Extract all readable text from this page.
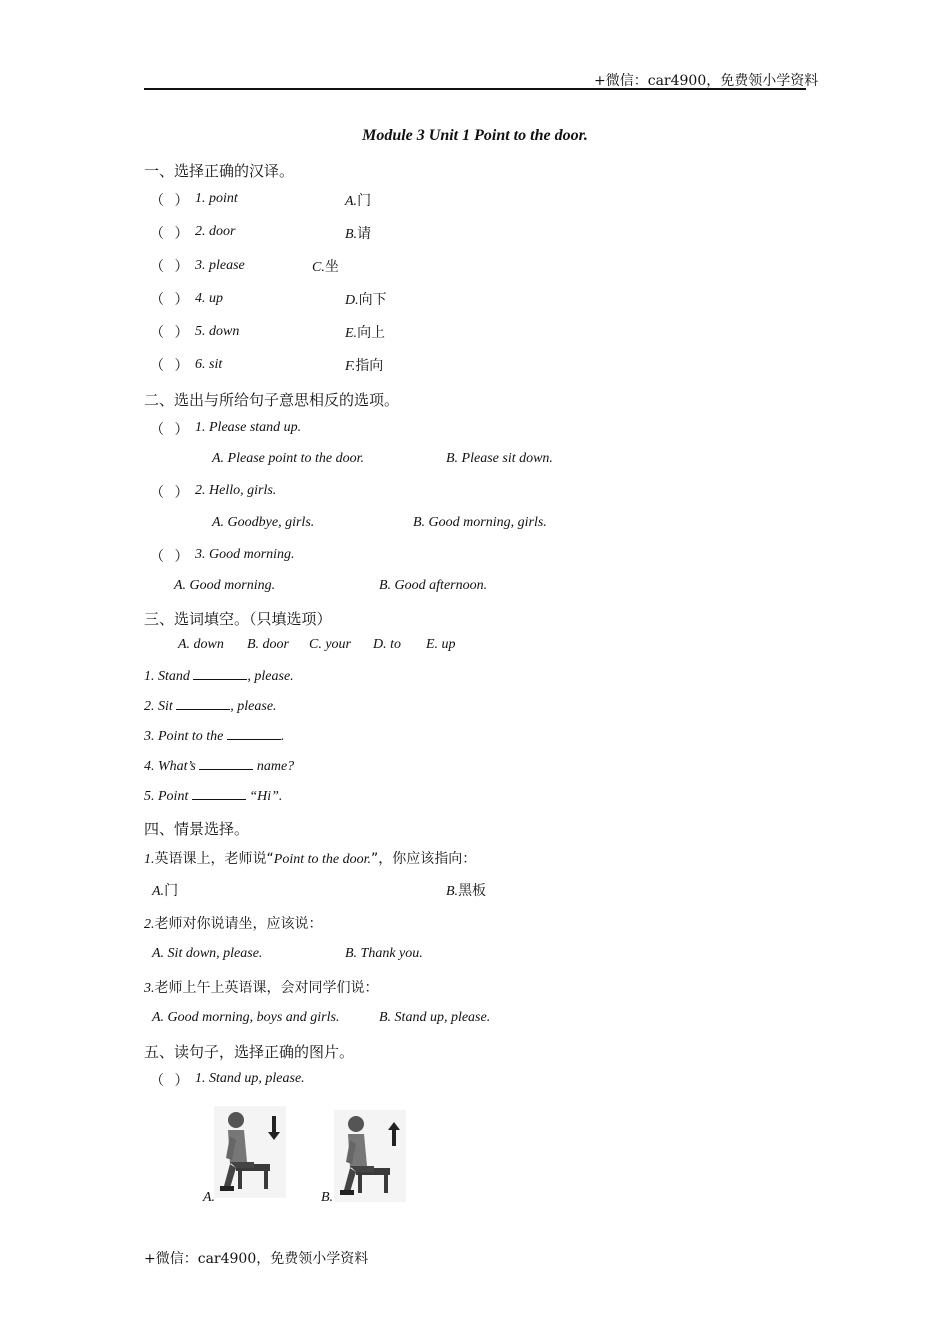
+微信：car4900，免费领小学资料
Module 3 Unit 1 Point to the door.
一、选择正确的汉译。
（ ） 1. point	A.门
（ ） 2. door	B.请
（ ） 3. please	C.坐
（ ） 4. up	D.向下
（ ） 5. down	E.向上
（ ） 6. sit	F.指向
二、选出与所给句子意思相反的选项。
（ ） 1. Please stand up.
A. Please point to the door.	B. Please sit down.
（ ） 2. Hello, girls.
A. Goodbye, girls.	B. Good morning, girls.
（ ） 3. Good morning.
A. Good morning.	B. Good afternoon.
三、选词填空。（只填选项）
A. down B. door C. your D. to E. up
1. Stand	, please.
2. Sit	, please.
3. Point to the	.
4. What’s	name?
5. Point	“Hi”.
四、情景选择。
1.英语课上，老师说“Point to the door.”，你应该指向：
A.门	B.黑板
2.老师对你说请坐，应该说：
A. Sit down, please.	B. Thank you.
3.老师上午上英语课，会对同学们说：
A. Good morning, boys and girls.	B. Stand up, please.
五、读句子，选择正确的图片。
（ ） 1. Stand up, please.
A.	B.
+微信：car4900，免费领小学资料
